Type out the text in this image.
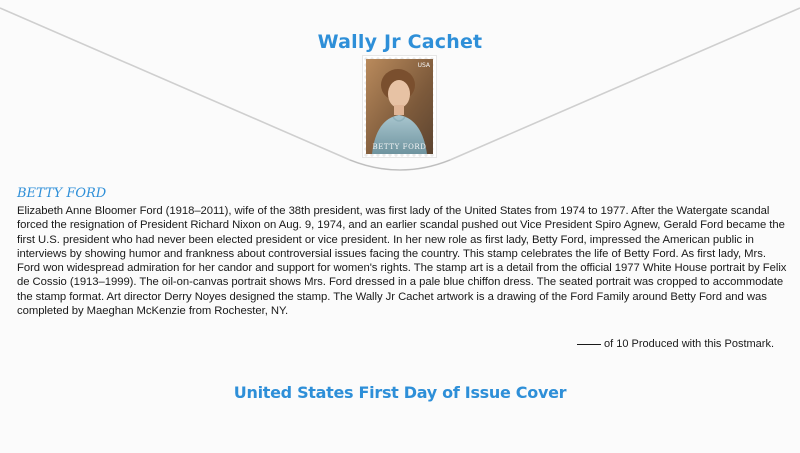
Wally Jr Cachet
USA
BETTY FORD
BETTY FORD

Elizabeth Anne Bloomer Ford (1918–2011), wife of the 38th president, was first lady of the United States from 1974 to 1977. After the Watergate scandal forced the resignation of President Richard Nixon on Aug. 9, 1974, and an earlier scandal pushed out Vice President Spiro Agnew, Gerald Ford became the first U.S. president who had never been elected president or vice president. In her new role as first lady, Betty Ford, impressed the American public in interviews by showing humor and frankness about controversial issues facing the country. This stamp celebrates the life of Betty Ford. As first lady, Mrs. Ford won widespread admiration for her candor and support for women's rights. The stamp art is a detail from the official 1977 White House portrait by Felix de Cossio (1913–1999). The oil-on-canvas portrait shows Mrs. Ford dressed in a pale blue chiffon dress. The seated portrait was cropped to accommodate the stamp format. Art director Derry Noyes designed the stamp. The Wally Jr Cachet artwork is a drawing of the Ford Family around Betty Ford and was completed by Maeghan McKenzie from Rochester, NY.

of 10 Produced with this Postmark.
United States First Day of Issue Cover
